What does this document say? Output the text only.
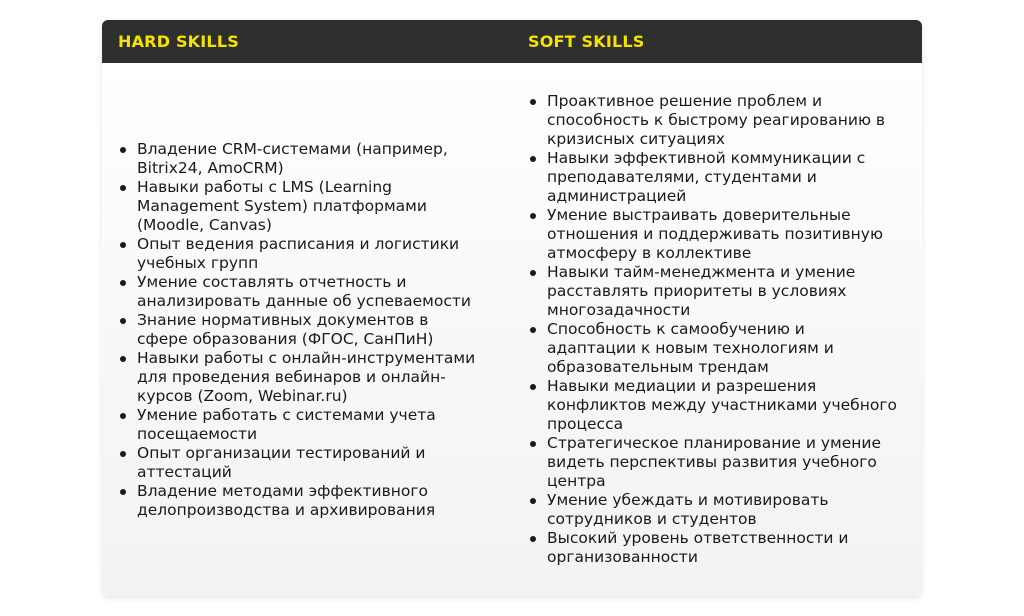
HARD SKILLS	SOFT SKILLS
Владение CRM-системами (например, Bitrix24, AmoCRM)
Навыки работы с LMS (Learning Management System) платформами (Moodle, Canvas)
Опыт ведения расписания и логистики учебных групп
Умение составлять отчетность и анализировать данные об успеваемости
Знание нормативных документов в сфере образования (ФГОС, СанПиН)
Навыки работы с онлайн-инструментами для проведения вебинаров и онлайн-курсов (Zoom, Webinar.ru)
Умение работать с системами учета посещаемости
Опыт организации тестирований и аттестаций
Владение методами эффективного делопроизводства и архивирования
Проактивное решение проблем и способность к быстрому реагированию в кризисных ситуациях
Навыки эффективной коммуникации с преподавателями, студентами и администрацией
Умение выстраивать доверительные отношения и поддерживать позитивную атмосферу в коллективе
Навыки тайм-менеджмента и умение расставлять приоритеты в условиях многозадачности
Способность к самообучению и адаптации к новым технологиям и образовательным трендам
Навыки медиации и разрешения конфликтов между участниками учебного процесса
Стратегическое планирование и умение видеть перспективы развития учебного центра
Умение убеждать и мотивировать сотрудников и студентов
Высокий уровень ответственности и организованности
